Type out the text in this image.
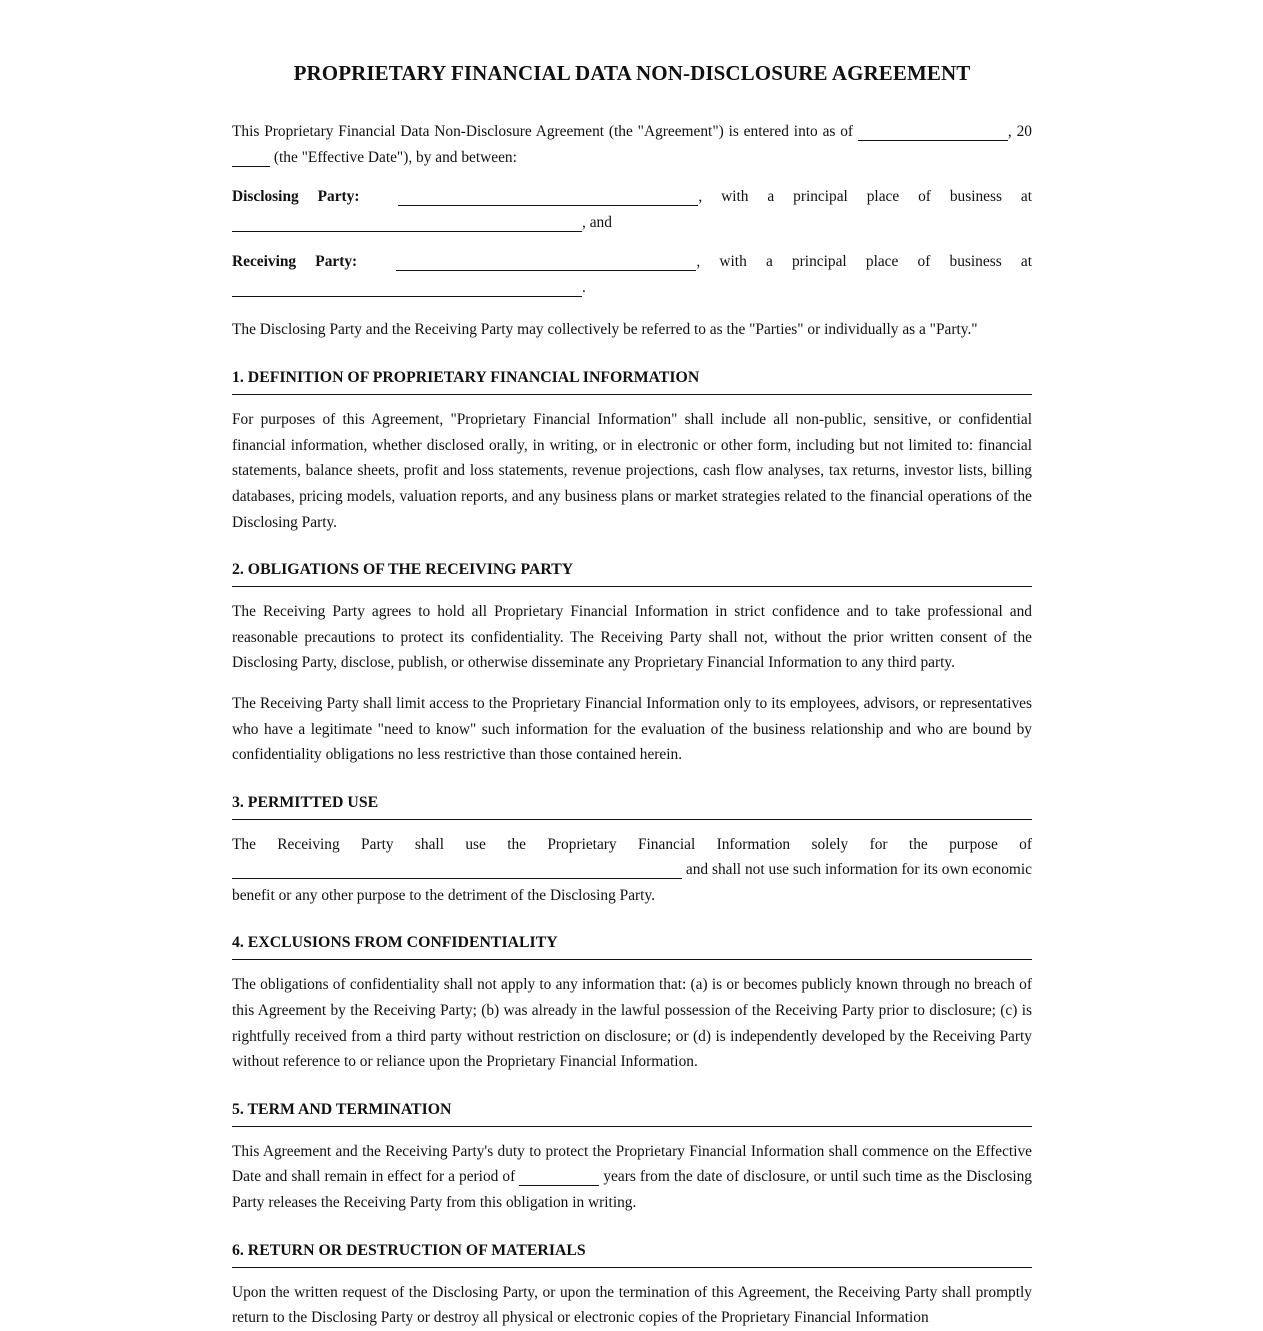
PROPRIETARY FINANCIAL DATA NON-DISCLOSURE AGREEMENT

This Proprietary Financial Data Non-Disclosure Agreement (the "Agreement") is entered into as of	, 20 (the "Effective Date"), by and between:

Disclosing Party:	, with a principal place of business at , and

Receiving Party:	, with a principal place of business at .

The Disclosing Party and the Receiving Party may collectively be referred to as the "Parties" or individually as a "Party."

1. DEFINITION OF PROPRIETARY FINANCIAL INFORMATION

For purposes of this Agreement, "Proprietary Financial Information" shall include all non-public, sensitive, or confidential financial information, whether disclosed orally, in writing, or in electronic or other form, including but not limited to: financial statements, balance sheets, profit and loss statements, revenue projections, cash flow analyses, tax returns, investor lists, billing databases, pricing models, valuation reports, and any business plans or market strategies related to the financial operations of the Disclosing Party.

2. OBLIGATIONS OF THE RECEIVING PARTY

The Receiving Party agrees to hold all Proprietary Financial Information in strict confidence and to take professional and reasonable precautions to protect its confidentiality. The Receiving Party shall not, without the prior written consent of the Disclosing Party, disclose, publish, or otherwise disseminate any Proprietary Financial Information to any third party.

The Receiving Party shall limit access to the Proprietary Financial Information only to its employees, advisors, or representatives who have a legitimate "need to know" such information for the evaluation of the business relationship and who are bound by confidentiality obligations no less restrictive than those contained herein.

3. PERMITTED USE

The Receiving Party shall use the Proprietary Financial Information solely for the purpose of  and shall not use such information for its own economic benefit or any other purpose to the detriment of the Disclosing Party.

4. EXCLUSIONS FROM CONFIDENTIALITY

The obligations of confidentiality shall not apply to any information that: (a) is or becomes publicly known through no breach of this Agreement by the Receiving Party; (b) was already in the lawful possession of the Receiving Party prior to disclosure; (c) is rightfully received from a third party without restriction on disclosure; or (d) is independently developed by the Receiving Party without reference to or reliance upon the Proprietary Financial Information.

5. TERM AND TERMINATION

This Agreement and the Receiving Party's duty to protect the Proprietary Financial Information shall commence on the Effective Date and shall remain in effect for a period of	years from the date of disclosure, or until such time as the Disclosing Party releases the Receiving Party from this obligation in writing.

6. RETURN OR DESTRUCTION OF MATERIALS

Upon the written request of the Disclosing Party, or upon the termination of this Agreement, the Receiving Party shall promptly return to the Disclosing Party or destroy all physical or electronic copies of the Proprietary Financial Information
